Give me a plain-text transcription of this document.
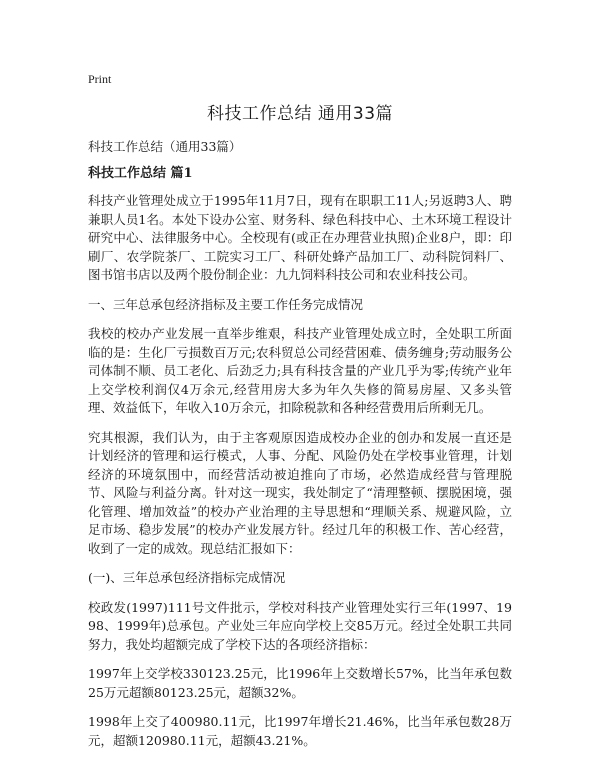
Print
科技工作总结 通用33篇

科技工作总结（通用33篇）

科技工作总结 篇1

科技产业管理处成立于1995年11月7日，现有在职职工11人;另返聘3人、聘兼职人员1名。本处下设办公室、财务科、绿色科技中心、土木环境工程设计研究中心、法律服务中心。全校现有(或正在办理营业执照)企业8户，即：印刷厂、农学院茶厂、工院实习工厂、科研处蜂产品加工厂、动科院饲料厂、图书馆书店以及两个股份制企业：九九饲料科技公司和农业科技公司。

一、三年总承包经济指标及主要工作任务完成情况

我校的校办产业发展一直举步维艰，科技产业管理处成立时，全处职工所面临的是：生化厂亏损数百万元;农科贸总公司经营困难、债务缠身;劳动服务公司体制不顺、员工老化、后劲乏力;具有科技含量的产业几乎为零;传统产业年上交学校利润仅4万余元,经营用房大多为年久失修的简易房屋、又多头管理、效益低下，年收入10万余元，扣除税款和各种经营费用后所剩无几。

究其根源，我们认为，由于主客观原因造成校办企业的创办和发展一直还是计划经济的管理和运行模式，人事、分配、风险仍处在学校事业管理，计划经济的环境氛围中，而经营活动被迫推向了市场，必然造成经营与管理脱节、风险与利益分离。针对这一现实，我处制定了“清理整顿、摆脱困境，强化管理、增加效益”的校办产业治理的主导思想和“理顺关系、规避风险，立足市场、稳步发展”的校办产业发展方针。经过几年的积极工作、苦心经营，收到了一定的成效。现总结汇报如下：

(一)、三年总承包经济指标完成情况

校政发(1997)111号文件批示，学校对科技产业管理处实行三年(1997、1998、1999年)总承包。产业处三年应向学校上交85万元。经过全处职工共同努力，我处均超额完成了学校下达的各项经济指标：

1997年上交学校330123.25元，比1996年上交数增长57%，比当年承包数25万元超额80123.25元，超额32%。

1998年上交了400980.11元，比1997年增长21.46%，比当年承包数28万元，超额120980.11元，超额43.21%。
